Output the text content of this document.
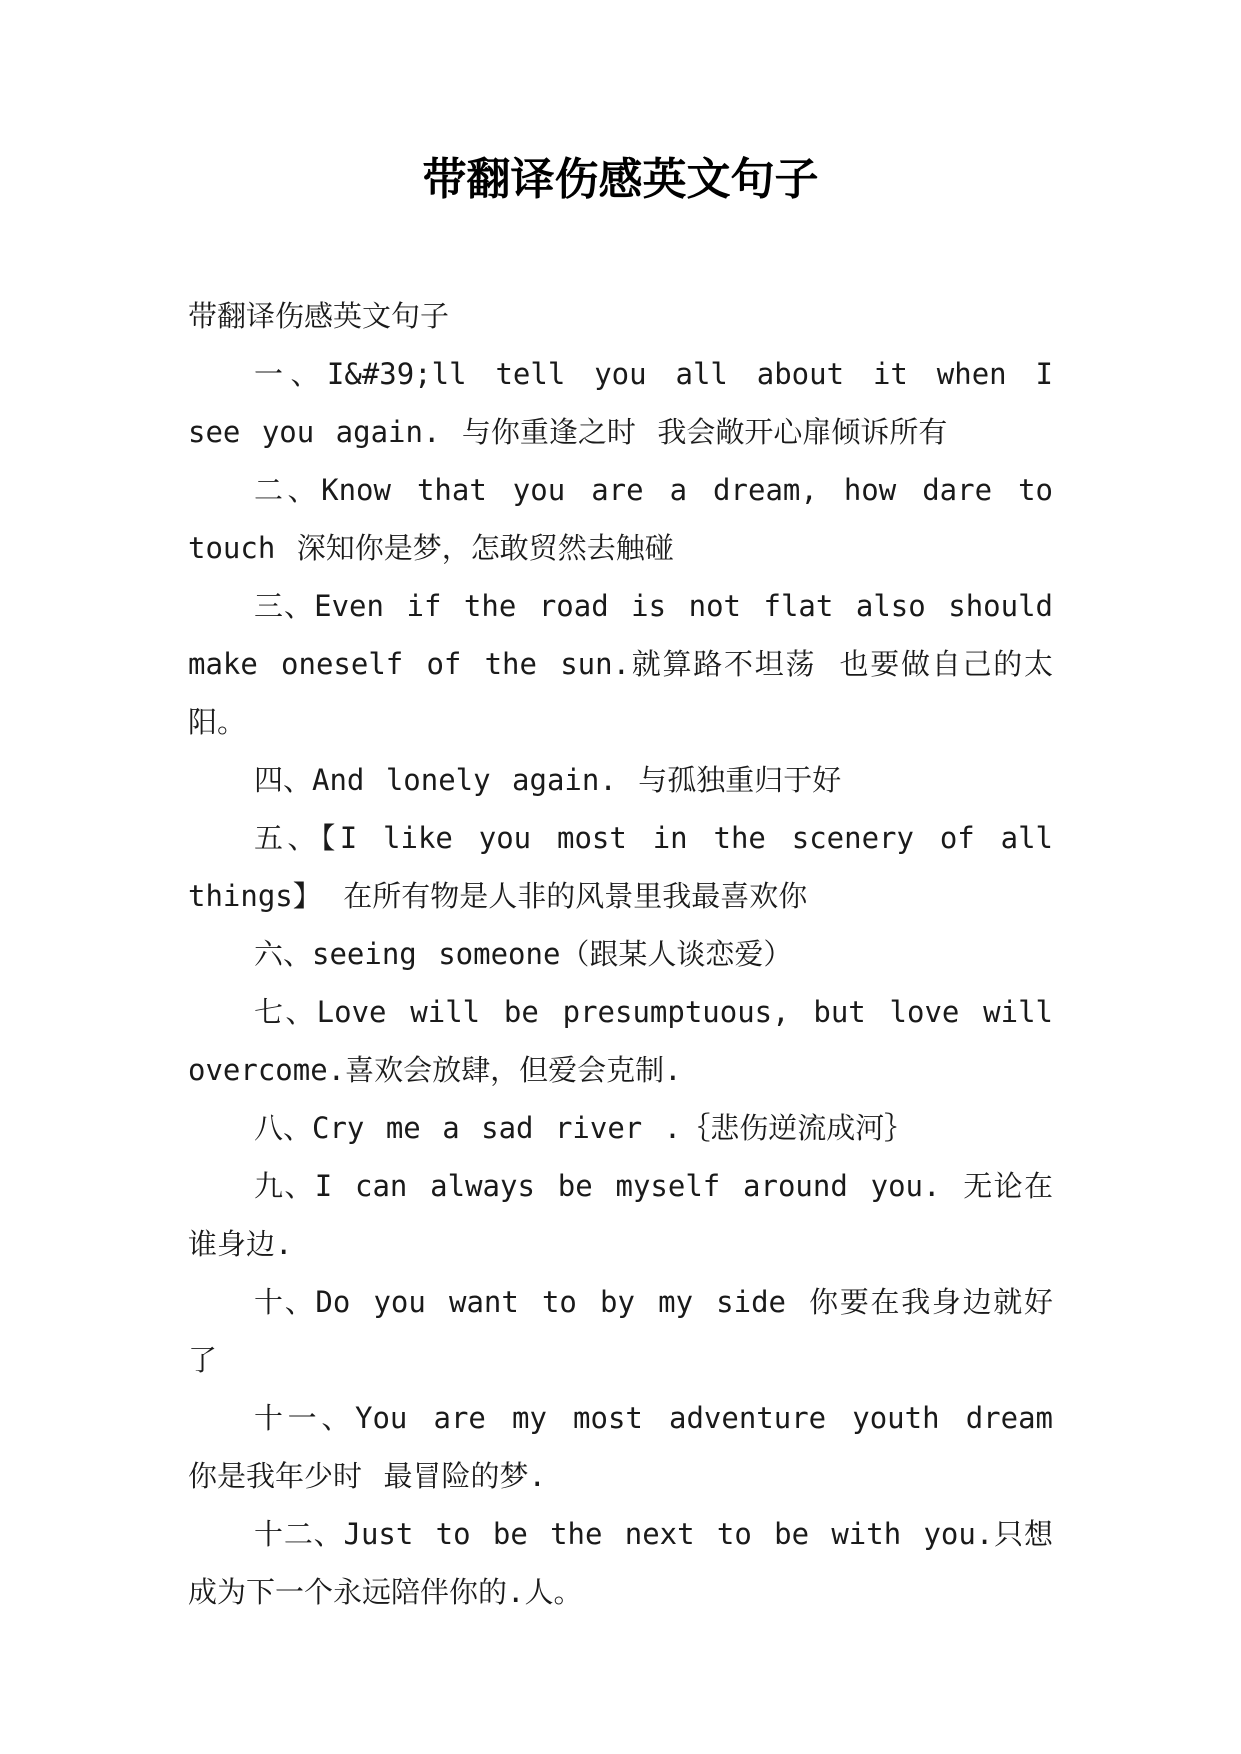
带翻译伤感英文句子

带翻译伤感英文句子

一、I&#39;ll tell you all about it when I see you again. 与你重逢之时 我会敞开心扉倾诉所有

二、Know that you are a dream, how dare to touch 深知你是梦，怎敢贸然去触碰

三、Even if the road is not flat also should make oneself of the sun.就算路不坦荡 也要做自己的太阳。

四、And lonely again. 与孤独重归于好

五、【I like you most in the scenery of all things】 在所有物是人非的风景里我最喜欢你

六、seeing someone（跟某人谈恋爱）

七、Love will be presumptuous, but love will overcome.喜欢会放肆，但爱会克制.

八、Cry me a sad river .｛悲伤逆流成河｝

九、I can always be myself around you. 无论在谁身边.

十、Do you want to by my side 你要在我身边就好了

十一、You are my most adventure youth dream 你是我年少时 最冒险的梦.

十二、Just to be the next to be with you.只想成为下一个永远陪伴你的.人。
